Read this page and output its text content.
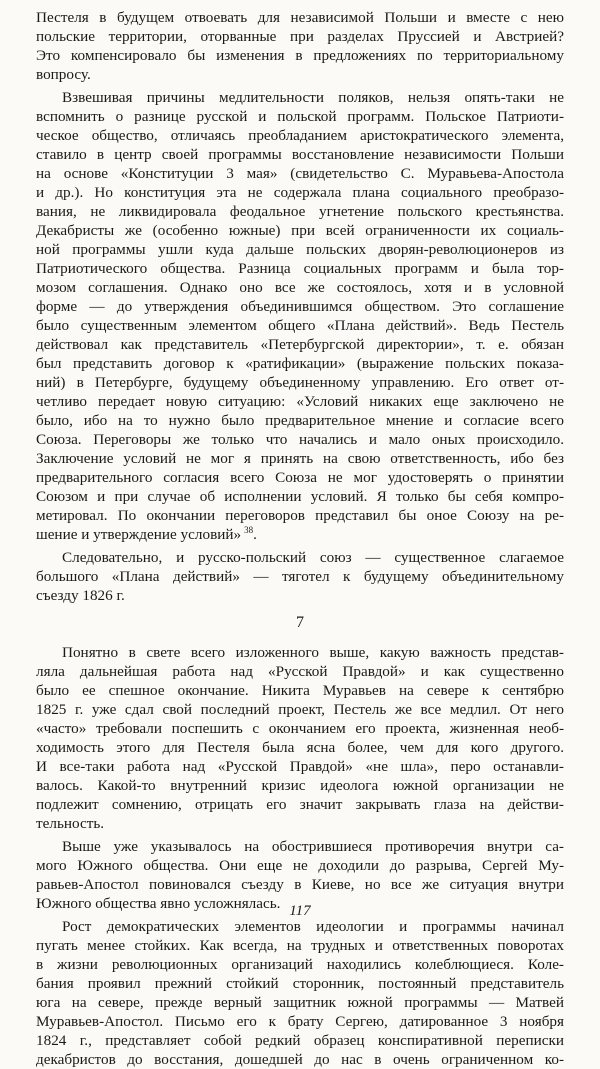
Пестеля в будущем отвоевать для независимой Польши и вместе с нею
польские территории, оторванные при разделах Пруссией и Австрией?
Это компенсировало бы изменения в предложениях по территориальному
вопросу.
Взвешивая причины медлительности поляков, нельзя опять-таки не
вспомнить о разнице русской и польской программ. Польское Патриоти-
ческое общество, отличаясь преобладанием аристократического элемента,
ставило в центр своей программы восстановление независимости Польши
на основе «Конституции 3 мая» (свидетельство С. Муравьева-Апостола
и др.). Но конституция эта не содержала плана социального преобразо-
вания, не ликвидировала феодальное угнетение польского крестьянства.
Декабристы же (особенно южные) при всей ограниченности их социаль-
ной программы ушли куда дальше польских дворян-революционеров из
Патриотического общества. Разница социальных программ и была тор-
мозом соглашения. Однако оно все же состоялось, хотя и в условной
форме — до утверждения объединившимся обществом. Это соглашение
было существенным элементом общего «Плана действий». Ведь Пестель
действовал как представитель «Петербургской директории», т. е. обязан
был представить договор к «ратификации» (выражение польских показа-
ний) в Петербурге, будущему объединенному управлению. Его ответ от-
четливо передает новую ситуацию: «Условий никаких еще заключено не
было, ибо на то нужно было предварительное мнение и согласие всего
Союза. Переговоры же только что начались и мало оных происходило.
Заключение условий не мог я принять на свою ответственность, ибо без
предварительного согласия всего Союза не мог удостоверять о принятии
Союзом и при случае об исполнении условий. Я только бы себя компро-
метировал. По окончании переговоров представил бы оное Союзу на ре-
шение и утверждение условий»  $^{38}$.
Следовательно, и русско-польский союз — существенное слагаемое
большого «Плана действий» — тяготел к будущему объединительному
съезду 1826 г.
7
Понятно в свете всего изложенного выше, какую важность представ-
ляла дальнейшая работа над «Русской Правдой» и как существенно
было ее спешное окончание. Никита Муравьев на севере к сентябрю
1825 г. уже сдал свой последний проект, Пестель же все медлил. От него
«часто» требовали поспешить с окончанием его проекта, жизненная необ-
ходимость этого для Пестеля была ясна более, чем для кого другого.
И все-таки работа над «Русской Правдой» «не шла», перо останавли-
валось. Какой-то внутренний кризис идеолога южной организации не
подлежит сомнению, отрицать его значит закрывать глаза на действи-
тельность.
Выше уже указывалось на обострившиеся противоречия внутри са-
мого Южного общества. Они еще не доходили до разрыва, Сергей Му-
равьев-Апостол повиновался съезду в Киеве, но все же ситуация внутри
Южного общества явно усложнялась.
Рост демократических элементов идеологии и программы начинал
пугать менее стойких. Как всегда, на трудных и ответственных поворотах
в жизни революционных организаций находились колеблющиеся. Коле-
бания проявил прежний стойкий сторонник, постоянный представитель
юга на севере, прежде верный защитник южной программы — Матвей
Муравьев-Апостол. Письмо его к брату Сергею, датированное 3 ноября
1824 г., представляет собой редкий образец конспиративной переписки
декабристов до восстания, дошедшей до нас в очень ограниченном ко-
117
